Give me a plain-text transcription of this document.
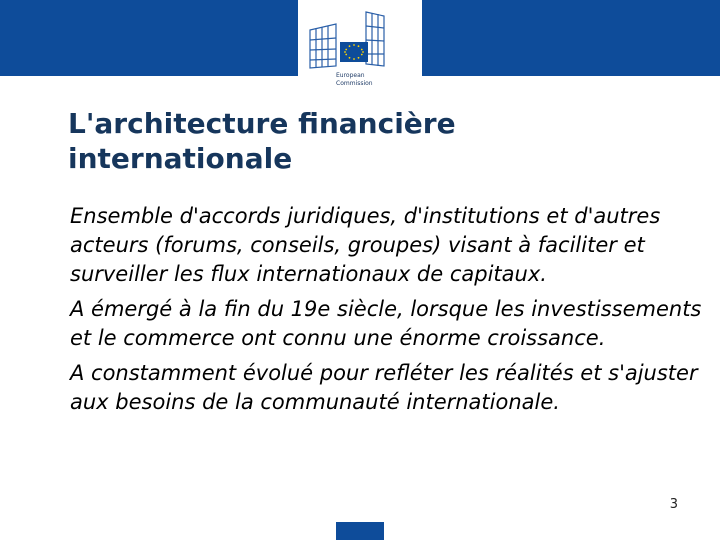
European
Commission
L'architecture financière internationale
Ensemble d'accords juridiques, d'institutions et d'autres acteurs (forums, conseils, groupes) visant à faciliter et surveiller les flux internationaux de capitaux.
A émergé à la fin du 19e siècle, lorsque les investissements et le commerce ont connu une énorme croissance.
A constamment évolué pour refléter les réalités et s'ajuster aux besoins de la communauté internationale.
3
